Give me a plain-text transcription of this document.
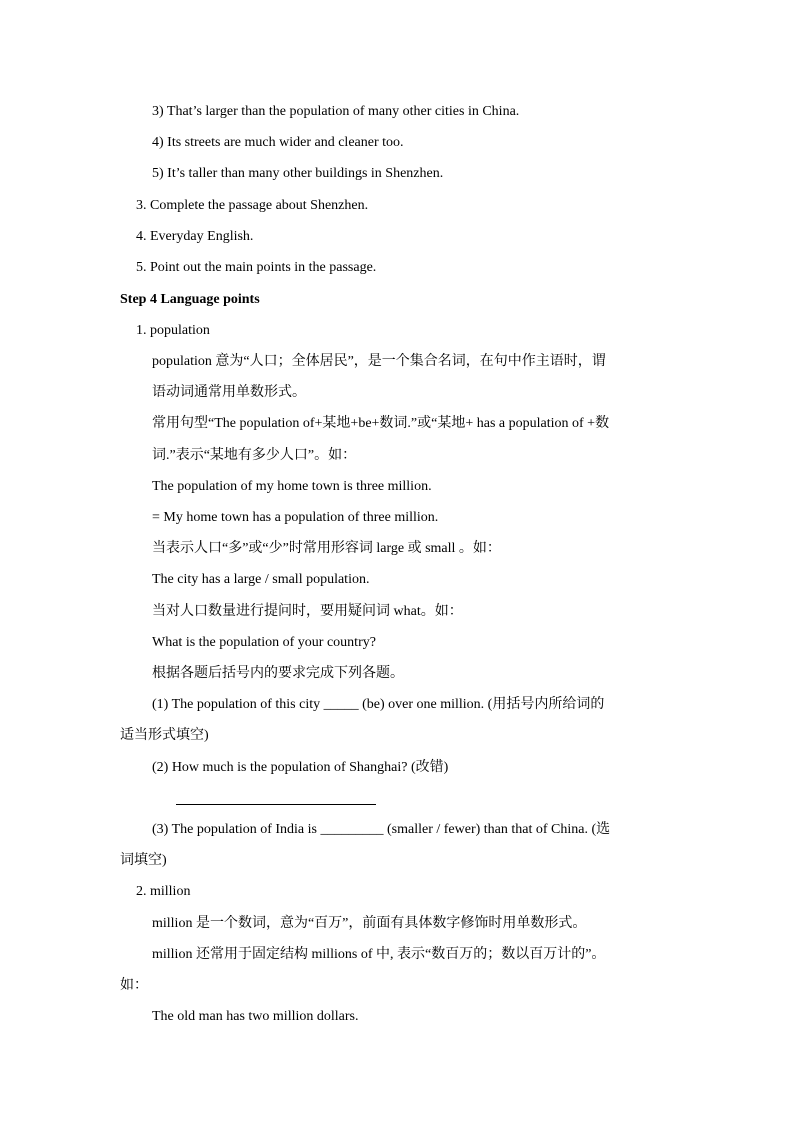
3) That’s larger than the population of many other cities in China.
4) Its streets are much wider and cleaner too.
5) It’s taller than many other buildings in Shenzhen.
3. Complete the passage about Shenzhen.
4. Everyday English.
5. Point out the main points in the passage.
Step 4 Language points
1. population
population 意为“人口；全体居民”，是一个集合名词，在句中作主语时，谓
语动词通常用单数形式。
常用句型“The population of+某地+be+数词.”或“某地+ has a population of +数
词.”表示“某地有多少人口”。如：
The population of my home town is three million.
= My home town has a population of three million.
当表示人口“多”或“少”时常用形容词 large 或 small 。如：
The city has a large / small population.
当对人口数量进行提问时，要用疑问词 what。如：
What is the population of your country?
根据各题后括号内的要求完成下列各题。
(1) The population of this city _____ (be) over one million. (用括号内所给词的
适当形式填空)
(2) How much is the population of Shanghai? (改错)
(3) The population of India is _________ (smaller / fewer) than that of China. (选
词填空)
2. million
million 是一个数词，意为“百万”，前面有具体数字修饰时用单数形式。
million 还常用于固定结构 millions of 中, 表示“数百万的；数以百万计的”。
如：
The old man has two million dollars.
